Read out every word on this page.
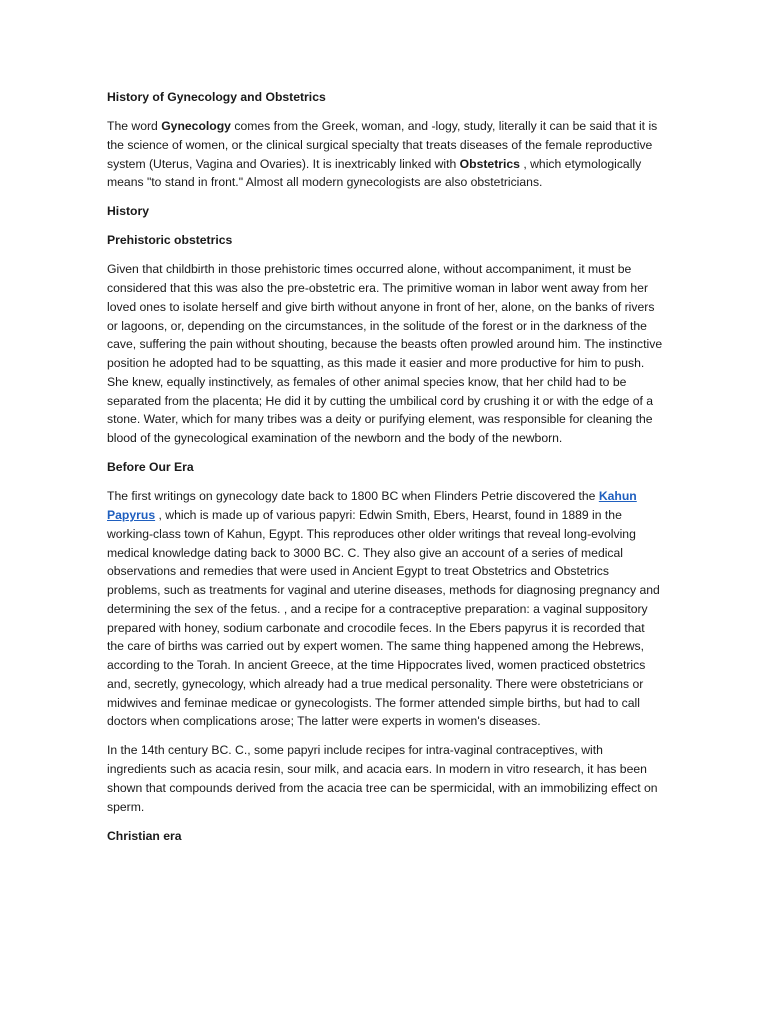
History of Gynecology and Obstetrics

The word Gynecology comes from the Greek, woman, and -logy, study, literally it can be said that it is the science of women, or the clinical surgical specialty that treats diseases of the female reproductive system (Uterus, Vagina and Ovaries). It is inextricably linked with Obstetrics , which etymologically means "to stand in front." Almost all modern gynecologists are also obstetricians.

History

Prehistoric obstetrics

Given that childbirth in those prehistoric times occurred alone, without accompaniment, it must be considered that this was also the pre-obstetric era. The primitive woman in labor went away from her loved ones to isolate herself and give birth without anyone in front of her, alone, on the banks of rivers or lagoons, or, depending on the circumstances, in the solitude of the forest or in the darkness of the cave, suffering the pain without shouting, because the beasts often prowled around him. The instinctive position he adopted had to be squatting, as this made it easier and more productive for him to push. She knew, equally instinctively, as females of other animal species know, that her child had to be separated from the placenta; He did it by cutting the umbilical cord by crushing it or with the edge of a stone. Water, which for many tribes was a deity or purifying element, was responsible for cleaning the blood of the gynecological examination of the newborn and the body of the newborn.

Before Our Era

The first writings on gynecology date back to 1800 BC when Flinders Petrie discovered the Kahun Papyrus , which is made up of various papyri: Edwin Smith, Ebers, Hearst, found in 1889 in the working-class town of Kahun, Egypt. This reproduces other older writings that reveal long-evolving medical knowledge dating back to 3000 BC. C. They also give an account of a series of medical observations and remedies that were used in Ancient Egypt to treat Obstetrics and Obstetrics problems, such as treatments for vaginal and uterine diseases, methods for diagnosing pregnancy and determining the sex of the fetus. , and a recipe for a contraceptive preparation: a vaginal suppository prepared with honey, sodium carbonate and crocodile feces. In the Ebers papyrus it is recorded that the care of births was carried out by expert women. The same thing happened among the Hebrews, according to the Torah. In ancient Greece, at the time Hippocrates lived, women practiced obstetrics and, secretly, gynecology, which already had a true medical personality. There were obstetricians or midwives and feminae medicae or gynecologists. The former attended simple births, but had to call doctors when complications arose; The latter were experts in women's diseases.

In the 14th century BC. C., some papyri include recipes for intra-vaginal contraceptives, with ingredients such as acacia resin, sour milk, and acacia ears. In modern in vitro research, it has been shown that compounds derived from the acacia tree can be spermicidal, with an immobilizing effect on sperm.

Christian era
